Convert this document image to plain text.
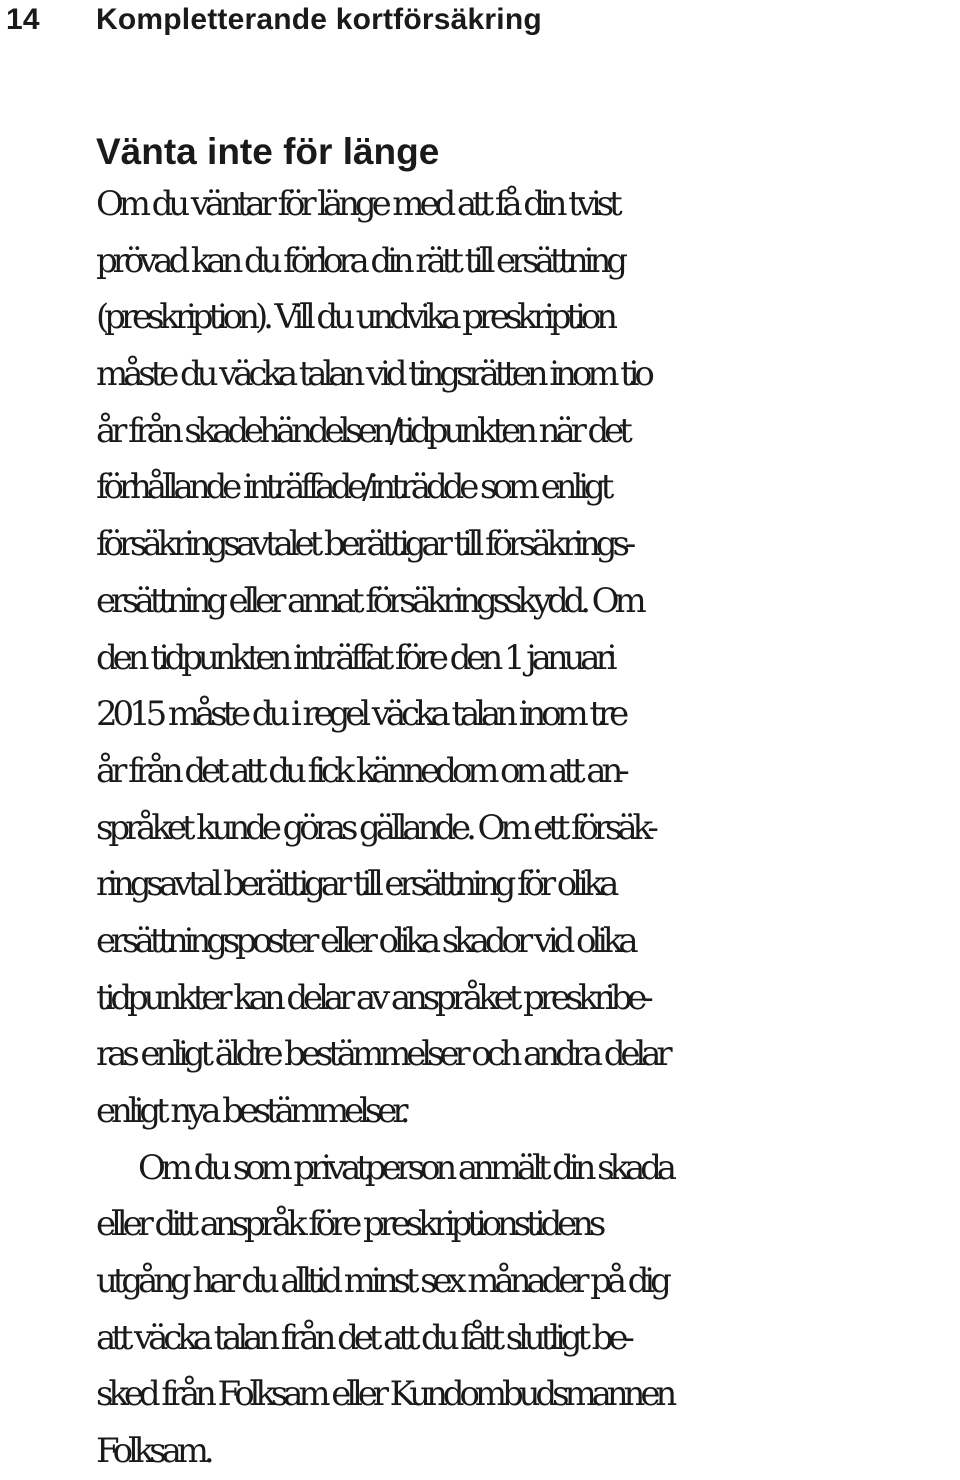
14	Kompletterande kortförsäkring
Vänta inte för länge
Om du väntar för länge med att få din tvist
prövad kan du förlora din rätt till ersättning
(preskription). Vill du undvika preskription
måste du väcka talan vid tingsrätten inom tio
år från skadehändelsen/tidpunkten när det
förhållande inträffade/inträdde som enligt
försäkringsavtalet berättigar till försäkrings-
ersättning eller annat försäkringsskydd. Om
den tidpunkten inträffat före den 1 januari
2015 måste du i regel väcka talan inom tre
år från det att du fick kännedom om att an-
språket kunde göras gällande. Om ett försäk-
ringsavtal berättigar till ersättning för olika
ersättningsposter eller olika skador vid olika
tidpunkter kan delar av anspråket preskribe-
ras enligt äldre bestämmelser och andra delar
enligt nya bestämmelser.
Om du som privatperson anmält din skada
eller ditt anspråk före preskriptionstidens
utgång har du alltid minst sex månader på dig
att väcka talan från det att du fått slutligt be-
sked från Folksam eller Kundombudsmannen
Folksam.
